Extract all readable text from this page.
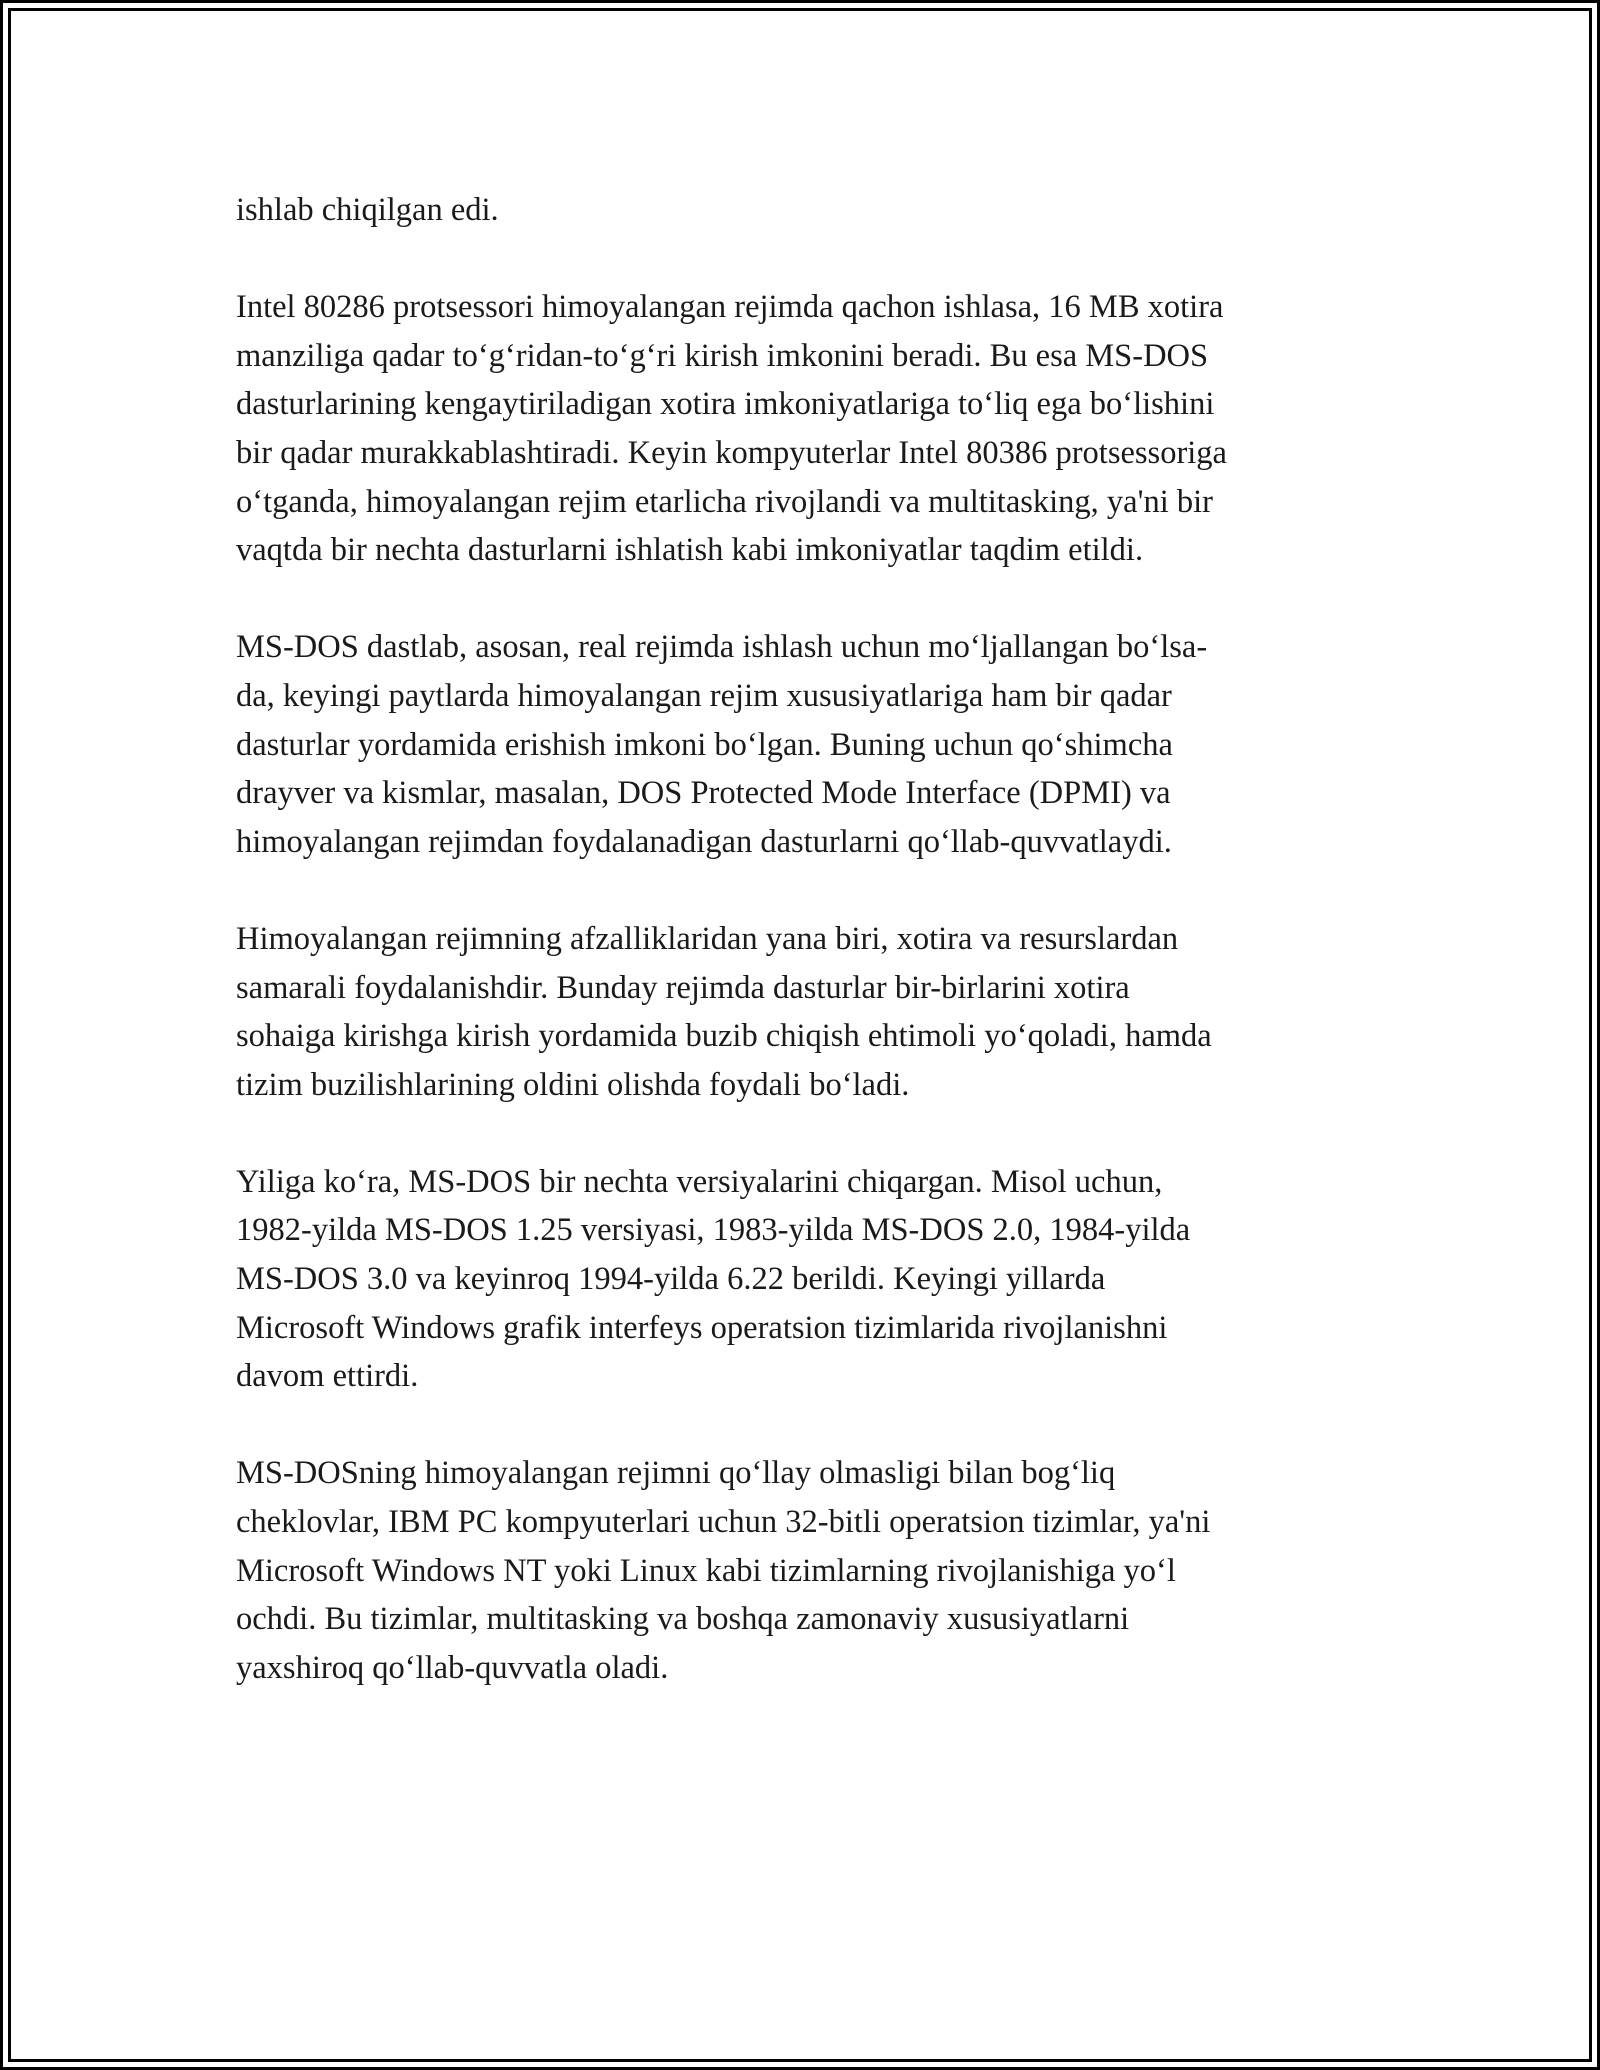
ishlab chiqilgan edi.

Intel 80286 protsessori himoyalangan rejimda qachon ishlasa, 16 MB xotira
manziliga qadar toʻgʻridan-toʻgʻri kirish imkonini beradi. Bu esa MS-DOS
dasturlarining kengaytiriladigan xotira imkoniyatlariga toʻliq ega boʻlishini
bir qadar murakkablashtiradi. Keyin kompyuterlar Intel 80386 protsessoriga
oʻtganda, himoyalangan rejim etarlicha rivojlandi va multitasking, ya'ni bir
vaqtda bir nechta dasturlarni ishlatish kabi imkoniyatlar taqdim etildi.

MS-DOS dastlab, asosan, real rejimda ishlash uchun moʻljallangan boʻlsa-
da, keyingi paytlarda himoyalangan rejim xususiyatlariga ham bir qadar
dasturlar yordamida erishish imkoni boʻlgan. Buning uchun qoʻshimcha
drayver va kismlar, masalan, DOS Protected Mode Interface (DPMI) va
himoyalangan rejimdan foydalanadigan dasturlarni qoʻllab-quvvatlaydi.

Himoyalangan rejimning afzalliklaridan yana biri, xotira va resurslardan
samarali foydalanishdir. Bunday rejimda dasturlar bir-birlarini xotira
sohaiga kirishga kirish yordamida buzib chiqish ehtimoli yoʻqoladi, hamda
tizim buzilishlarining oldini olishda foydali boʻladi.

Yiliga koʻra, MS-DOS bir nechta versiyalarini chiqargan. Misol uchun,
1982-yilda MS-DOS 1.25 versiyasi, 1983-yilda MS-DOS 2.0, 1984-yilda
MS-DOS 3.0 va keyinroq 1994-yilda 6.22 berildi. Keyingi yillarda
Microsoft Windows grafik interfeys operatsion tizimlarida rivojlanishni
davom ettirdi.

MS-DOSning himoyalangan rejimni qoʻllay olmasligi bilan bogʻliq
cheklovlar, IBM PC kompyuterlari uchun 32-bitli operatsion tizimlar, ya'ni
Microsoft Windows NT yoki Linux kabi tizimlarning rivojlanishiga yoʻl
ochdi. Bu tizimlar, multitasking va boshqa zamonaviy xususiyatlarni
yaxshiroq qoʻllab-quvvatla oladi.
